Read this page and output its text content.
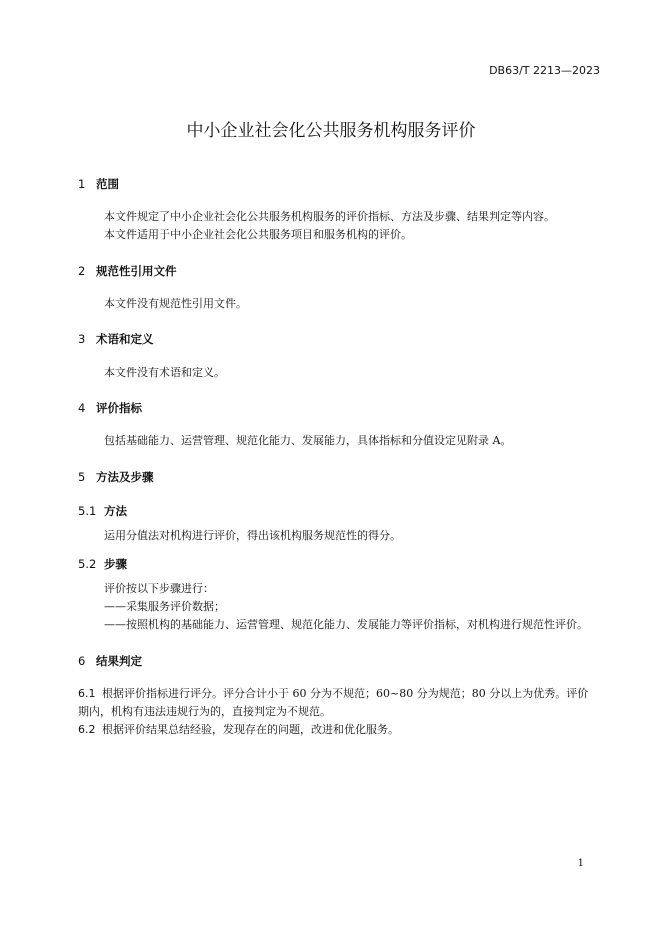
DB63/T 2213—2023
中小企业社会化公共服务机构服务评价
1 范围
本文件规定了中小企业社会化公共服务机构服务的评价指标、方法及步骤、结果判定等内容。
本文件适用于中小企业社会化公共服务项目和服务机构的评价。
2 规范性引用文件
本文件没有规范性引用文件。
3 术语和定义
本文件没有术语和定义。
4 评价指标
包括基础能力、运营管理、规范化能力、发展能力，具体指标和分值设定见附录 A。
5 方法及步骤
5.1 方法
运用分值法对机构进行评价，得出该机构服务规范性的得分。
5.2 步骤
评价按以下步骤进行：
——采集服务评价数据；
——按照机构的基础能力、运营管理、规范化能力、发展能力等评价指标，对机构进行规范性评价。
6 结果判定
6.1 根据评价指标进行评分。评分合计小于 60 分为不规范；60~80 分为规范；80 分以上为优秀。评价
期内，机构有违法违规行为的，直接判定为不规范。
6.2 根据评价结果总结经验，发现存在的问题，改进和优化服务。
1
